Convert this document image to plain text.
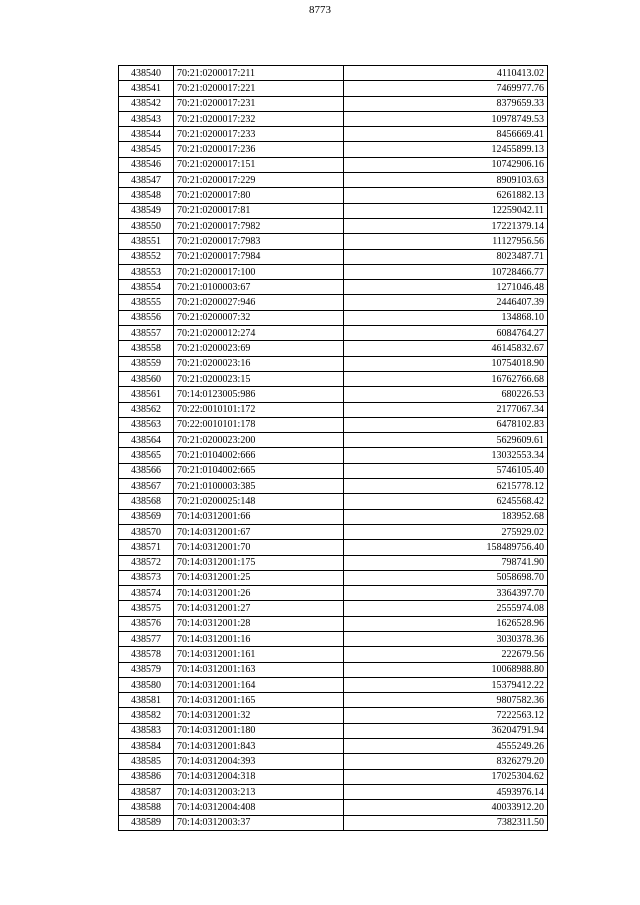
8773
438540	70:21:0200017:211	4110413.02
438541	70:21:0200017:221	7469977.76
438542	70:21:0200017:231	8379659.33
438543	70:21:0200017:232	10978749.53
438544	70:21:0200017:233	8456669.41
438545	70:21:0200017:236	12455899.13
438546	70:21:0200017:151	10742906.16
438547	70:21:0200017:229	8909103.63
438548	70:21:0200017:80	6261882.13
438549	70:21:0200017:81	12259042.11
438550	70:21:0200017:7982	17221379.14
438551	70:21:0200017:7983	11127956.56
438552	70:21:0200017:7984	8023487.71
438553	70:21:0200017:100	10728466.77
438554	70:21:0100003:67	1271046.48
438555	70:21:0200027:946	2446407.39
438556	70:21:0200007:32	134868.10
438557	70:21:0200012:274	6084764.27
438558	70:21:0200023:69	46145832.67
438559	70:21:0200023:16	10754018.90
438560	70:21:0200023:15	16762766.68
438561	70:14:0123005:986	680226.53
438562	70:22:0010101:172	2177067.34
438563	70:22:0010101:178	6478102.83
438564	70:21:0200023:200	5629609.61
438565	70:21:0104002:666	13032553.34
438566	70:21:0104002:665	5746105.40
438567	70:21:0100003:385	6215778.12
438568	70:21:0200025:148	6245568.42
438569	70:14:0312001:66	183952.68
438570	70:14:0312001:67	275929.02
438571	70:14:0312001:70	158489756.40
438572	70:14:0312001:175	798741.90
438573	70:14:0312001:25	5058698.70
438574	70:14:0312001:26	3364397.70
438575	70:14:0312001:27	2555974.08
438576	70:14:0312001:28	1626528.96
438577	70:14:0312001:16	3030378.36
438578	70:14:0312001:161	222679.56
438579	70:14:0312001:163	10068988.80
438580	70:14:0312001:164	15379412.22
438581	70:14:0312001:165	9807582.36
438582	70:14:0312001:32	7222563.12
438583	70:14:0312001:180	36204791.94
438584	70:14:0312001:843	4555249.26
438585	70:14:0312004:393	8326279.20
438586	70:14:0312004:318	17025304.62
438587	70:14:0312003:213	4593976.14
438588	70:14:0312004:408	40033912.20
438589	70:14:0312003:37	7382311.50
